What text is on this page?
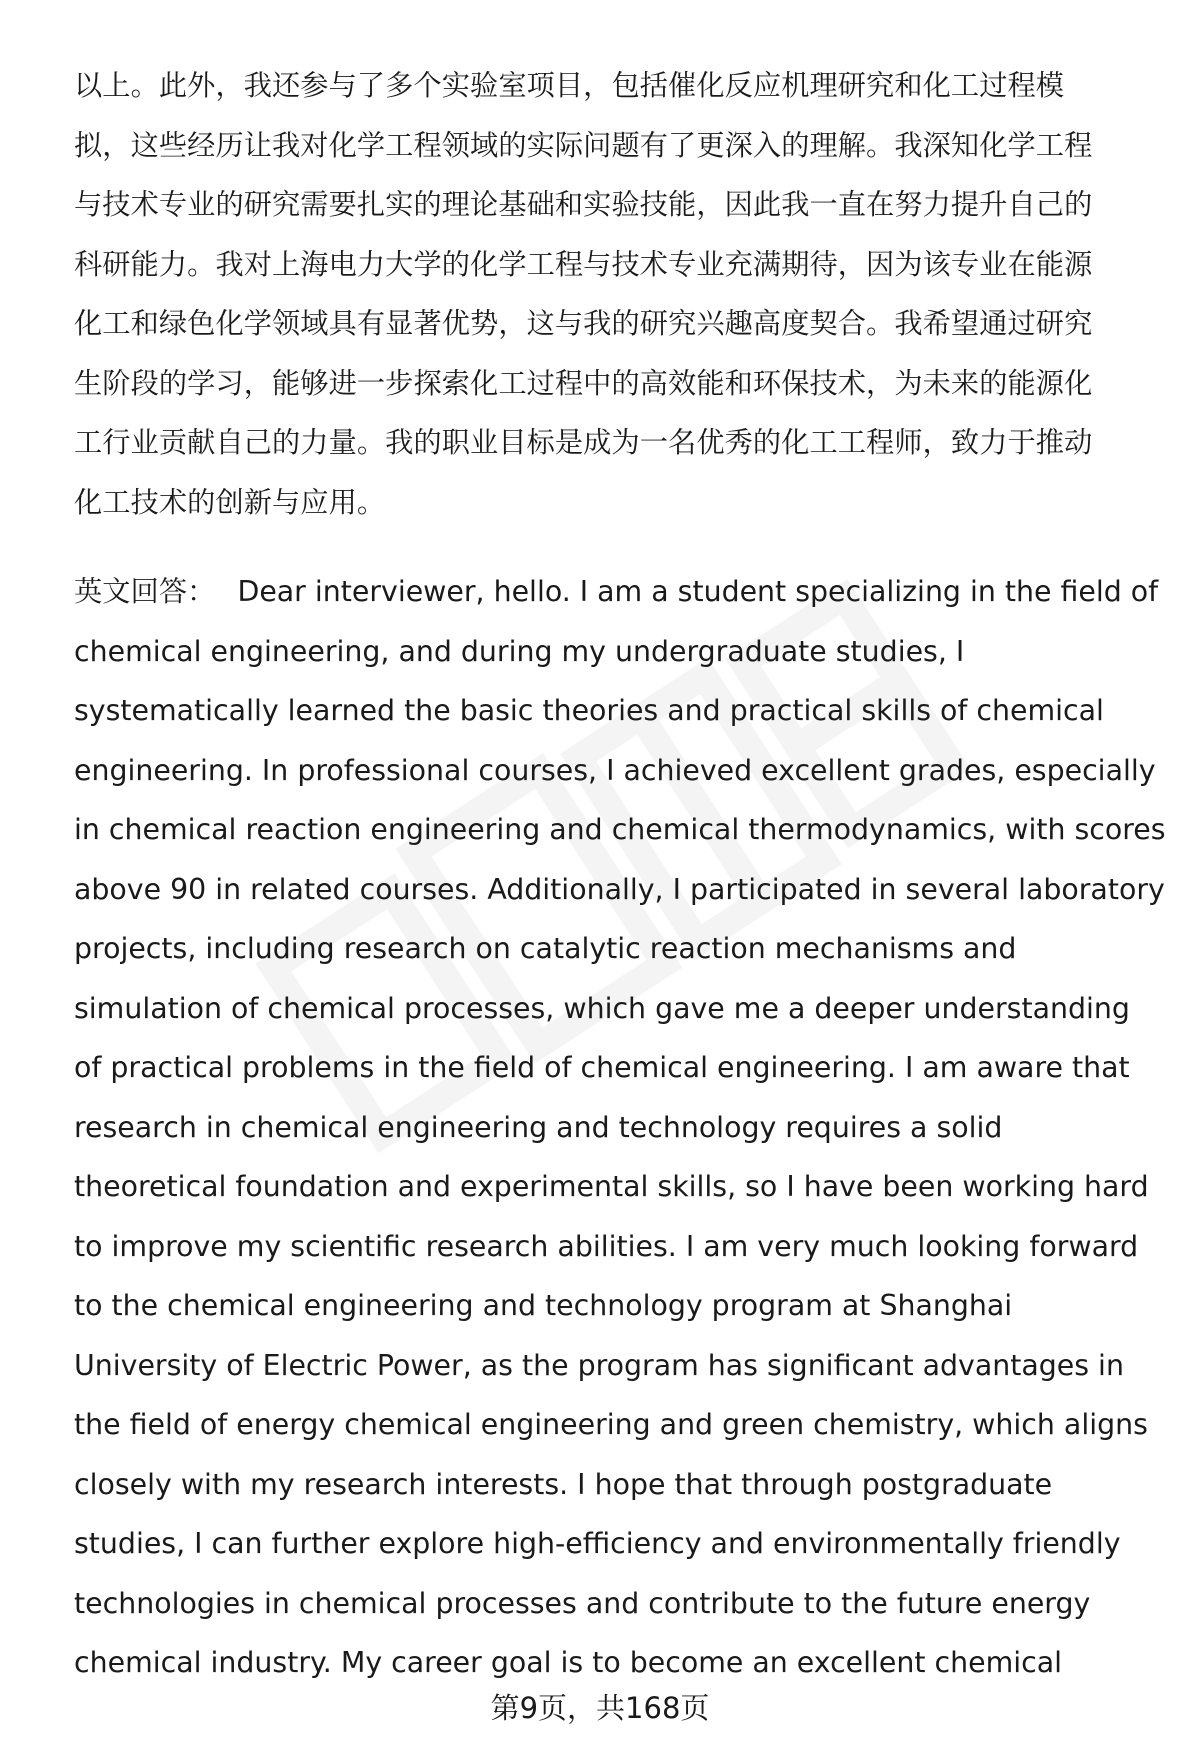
以上。此外，我还参与了多个实验室项目，包括催化反应机理研究和化工过程模
拟，这些经历让我对化学工程领域的实际问题有了更深入的理解。我深知化学工程
与技术专业的研究需要扎实的理论基础和实验技能，因此我一直在努力提升自己的
科研能力。我对上海电力大学的化学工程与技术专业充满期待，因为该专业在能源
化工和绿色化学领域具有显著优势，这与我的研究兴趣高度契合。我希望通过研究
生阶段的学习，能够进一步探索化工过程中的高效能和环保技术，为未来的能源化
工行业贡献自己的力量。我的职业目标是成为一名优秀的化工工程师，致力于推动
化工技术的创新与应用。
英文回答： Dear interviewer, hello. I am a student specializing in the field of
chemical engineering, and during my undergraduate studies, I
systematically learned the basic theories and practical skills of chemical
engineering. In professional courses, I achieved excellent grades, especially
in chemical reaction engineering and chemical thermodynamics, with scores
above 90 in related courses. Additionally, I participated in several laboratory
projects, including research on catalytic reaction mechanisms and
simulation of chemical processes, which gave me a deeper understanding
of practical problems in the field of chemical engineering. I am aware that
research in chemical engineering and technology requires a solid
theoretical foundation and experimental skills, so I have been working hard
to improve my scientific research abilities. I am very much looking forward
to the chemical engineering and technology program at Shanghai
University of Electric Power, as the program has significant advantages in
the field of energy chemical engineering and green chemistry, which aligns
closely with my research interests. I hope that through postgraduate
studies, I can further explore high-efficiency and environmentally friendly
technologies in chemical processes and contribute to the future energy
chemical industry. My career goal is to become an excellent chemical
第9页，共168页
